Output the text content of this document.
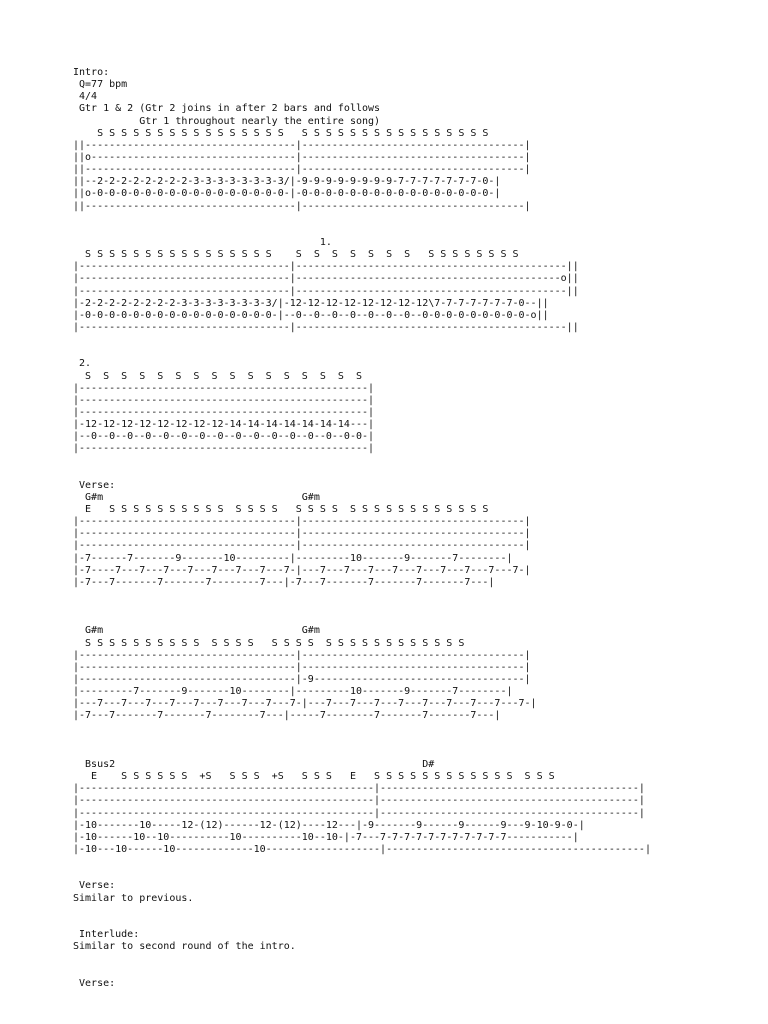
Intro:
Q=77 bpm
4/4
Gtr 1 & 2 (Gtr 2 joins in after 2 bars and follows
Gtr 1 throughout nearly the entire song)
S S S S S S S S S S S S S S S S   S S S S S S S S S S S S S S S S
||-----------------------------------|-------------------------------------|
||o----------------------------------|-------------------------------------|
||-----------------------------------|-------------------------------------|
||--2-2-2-2-2-2-2-2-3-3-3-3-3-3-3-3/|-9-9-9-9-9-9-9-9-7-7-7-7-7-7-7-0-|
||o-0-0-0-0-0-0-0-0-0-0-0-0-0-0-0-0-|-0-0-0-0-0-0-0-0-0-0-0-0-0-0-0-0-|
||-----------------------------------|-------------------------------------|
1.
S S S S S S S S S S S S S S S S    S  S  S  S  S  S  S   S S S S S S S S
|-----------------------------------|---------------------------------------------||
|-----------------------------------|--------------------------------------------o||
|-----------------------------------|---------------------------------------------||
|-2-2-2-2-2-2-2-2-3-3-3-3-3-3-3-3/|-12-12-12-12-12-12-12-12\7-7-7-7-7-7-7-0--||
|-0-0-0-0-0-0-0-0-0-0-0-0-0-0-0-0-|--0--0--0--0--0--0--0--0-0-0-0-0-0-0-0-0-o||
|-----------------------------------|---------------------------------------------||
2.
S  S  S  S  S  S  S  S  S  S  S  S  S  S  S  S
|------------------------------------------------|
|------------------------------------------------|
|------------------------------------------------|
|-12-12-12-12-12-12-12-12-14-14-14-14-14-14-14---|
|--0--0--0--0--0--0--0--0--0--0--0--0--0--0--0-0-|
|------------------------------------------------|
Verse:
G#m                                 G#m
E   S S S S S S S S S S  S S S S   S S S S  S S S S S S S S S S S S
|------------------------------------|-------------------------------------|
|------------------------------------|-------------------------------------|
|------------------------------------|-------------------------------------|
|-7------7-------9-------10---------|---------10-------9-------7--------|
|-7----7---7---7---7---7---7---7---7-|---7---7---7---7---7---7---7---7---7-|
|-7---7-------7-------7--------7---|-7---7-------7-------7-------7---|
G#m                                 G#m
S S S S S S S S S S  S S S S   S S S S  S S S S S S S S S S S S
|------------------------------------|-------------------------------------|
|------------------------------------|-------------------------------------|
|------------------------------------|-9-----------------------------------|
|---------7-------9-------10--------|---------10-------9-------7--------|
|---7---7---7---7---7---7---7---7---7-|---7---7---7---7---7---7---7---7---7-|
|-7---7-------7-------7--------7---|-----7--------7-------7-------7---|
Bsus2                                                   D#
E    S S S S S S  +S   S S S  +S   S S S   E   S S S S S S S S S S S S  S S S
|-------------------------------------------------|-------------------------------------------|
|-------------------------------------------------|-------------------------------------------|
|-------------------------------------------------|-------------------------------------------|
|-10-------10-----12-(12)------12-(12)----12---|-9-------9------9------9---9-10-9-0-|
|-10------10--10----------10----------10--10-|-7---7-7-7-7-7-7-7-7-7-7-7-----------|
|-10---10------10-------------10-------------------|-------------------------------------------|
Verse:
Similar to previous.
Interlude:
Similar to second round of the intro.
Verse:
